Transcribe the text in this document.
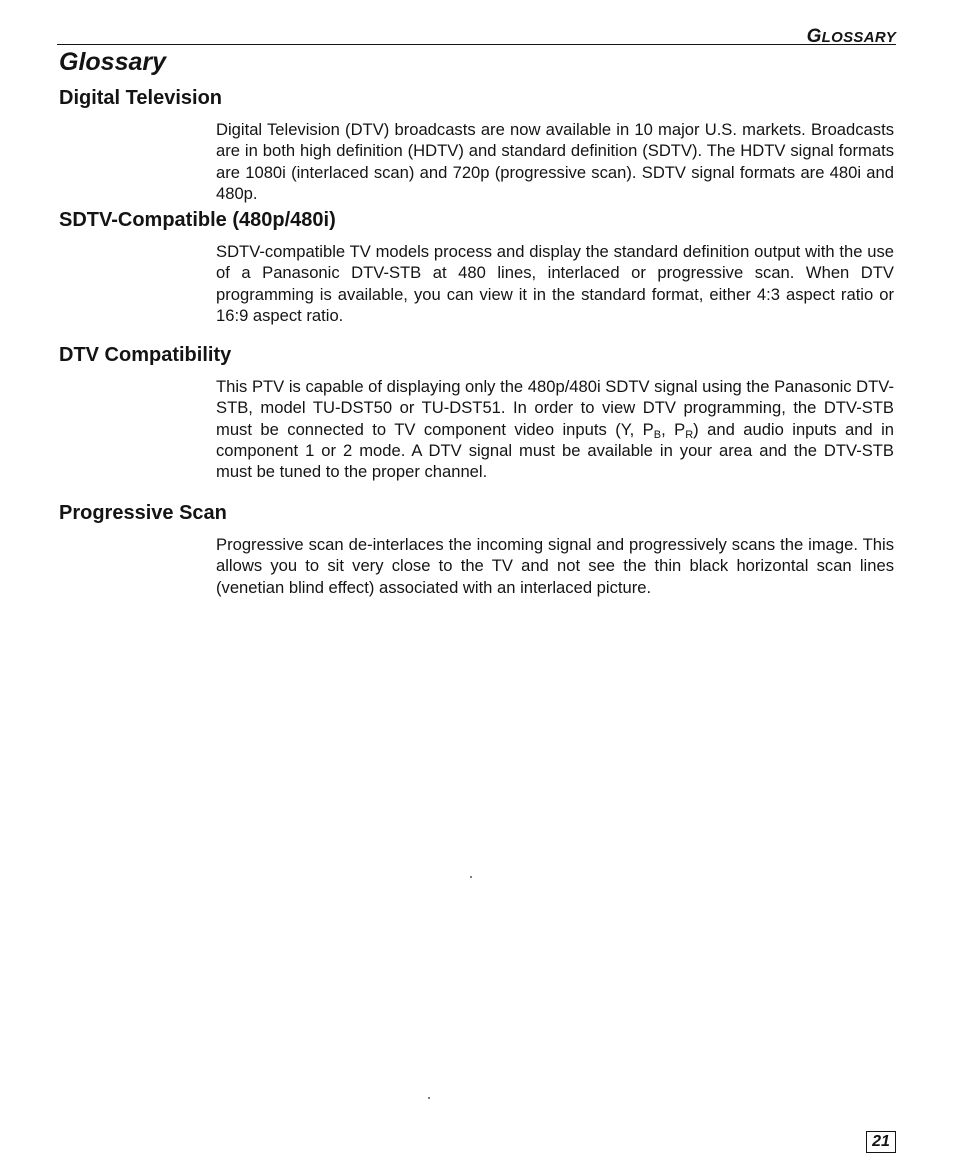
GLOSSARY
Glossary
Digital Television

Digital Television (DTV) broadcasts are now available in 10 major U.S. markets. Broadcasts are in both high definition (HDTV) and standard definition (SDTV). The HDTV signal formats are 1080i (interlaced scan) and 720p (progressive scan). SDTV signal formats are 480i and 480p.

SDTV-Compatible (480p/480i)

SDTV-compatible TV models process and display the standard definition output with the use of a Panasonic DTV-STB at 480 lines, interlaced or progressive scan. When DTV programming is available, you can view it in the standard format, either 4:3 aspect ratio or 16:9 aspect ratio.

DTV Compatibility

This PTV is capable of displaying only the 480p/480i SDTV signal using the Panasonic DTV-STB, model TU-DST50 or TU-DST51. In order to view DTV programming, the DTV-STB must be connected to TV component video inputs (Y, $P_B$, $P_R$) and audio inputs and in component 1 or 2 mode. A DTV signal must be available in your area and the DTV-STB must be tuned to the proper channel.

Progressive Scan

Progressive scan de-interlaces the incoming signal and progressively scans the image. This allows you to sit very close to the TV and not see the thin black horizontal scan lines (venetian blind effect) associated with an interlaced picture.

21
